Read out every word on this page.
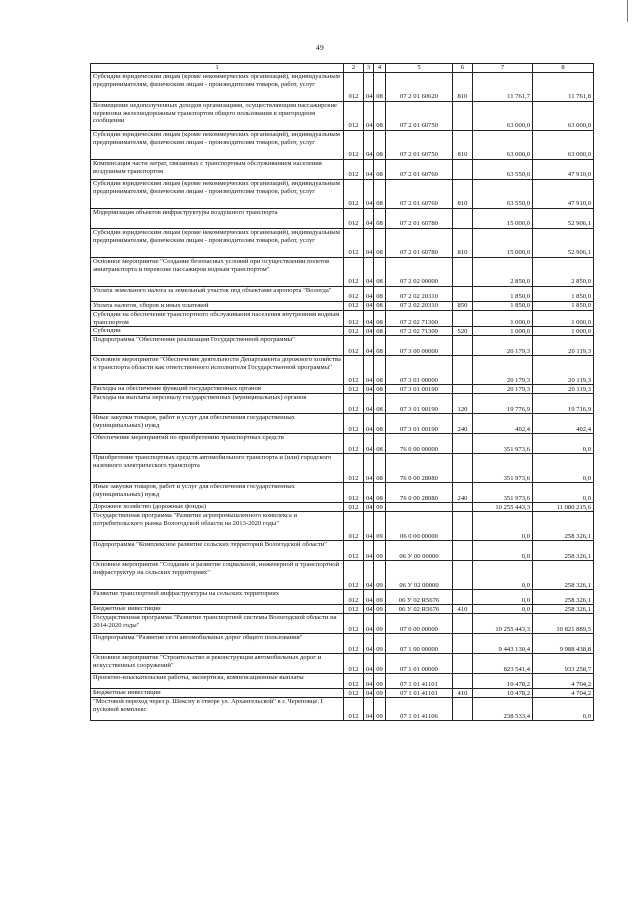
49
1	2	3	4	5	6	7	8
Субсидии юридическим лицам (кроме некоммерческих организаций), индивидуальным предпринимателям, физическим лицам - производителям товаров, работ, услуг	012	04	08	07 2 01 60620	810	11 761,7	11 761,8
Возмещение недополученных доходов организациям, осуществляющим пассажирские перевозки железнодорожным транспортом общего пользования в пригородном сообщении	012	04	08	07 2 01 60750		63 000,0	63 000,0
Субсидии юридическим лицам (кроме некоммерческих организаций), индивидуальным предпринимателям, физическим лицам - производителям товаров, работ, услуг	012	04	08	07 2 01 60750	810	63 000,0	63 000,0
Компенсация части затрат, связанных с транспортным обслуживанием населения воздушным транспортом	012	04	08	07 2 01 60760		63 550,0	47 910,0
Субсидии юридическим лицам (кроме некоммерческих организаций), индивидуальным предпринимателям, физическим лицам - производителям товаров, работ, услуг	012	04	08	07 2 01 60760	810	63 550,0	47 910,0
Модернизация объектов инфраструктуры воздушного транспорта	012	04	08	07 2 01 60780		15 000,0	52 906,1
Субсидии юридическим лицам (кроме некоммерческих организаций), индивидуальным предпринимателям, физическим лицам - производителям товаров, работ, услуг	012	04	08	07 2 01 60780	810	15 000,0	52 906,1
Основное мероприятие "Создание безопасных условий при осуществлении полетов авиатранспорта и перевозке пассажиров водным транспортом"	012	04	08	07 2 02 00000		2 850,0	2 850,0
Уплата земельного налога за земельный участок под объектами аэропорта "Вологда"	012	04	08	07 2 02 20310		1 850,0	1 850,0
Уплата налогов, сборов и иных платежей	012	04	08	07 2 02 20310	850	1 850,0	1 850,0
Субсидии на обеспечение транспортного обслуживания населения внутренним водным транспортом	012	04	08	07 2 02 71300		1 000,0	1 000,0
Субсидии	012	04	08	07 2 02 71300	520	1 000,0	1 000,0
Подпрограмма "Обеспечение реализации Государственной программы"	012	04	08	07 3 00 00000		20 179,3	20 119,3
Основное мероприятие "Обеспечение деятельности Департамента дорожного хозяйства и транспорта области как ответственного исполнителя Государственной программы"	012	04	08	07 3 01 00000		20 179,3	20 119,3
Расходы на обеспечение функций государственных органов	012	04	08	07 3 01 00190		20 179,3	20 119,3
Расходы на выплаты персоналу государственных (муниципальных) органов	012	04	08	07 3 01 00190	120	19 776,9	19 716,9
Иные закупки товаров, работ и услуг для обеспечения государственных (муниципальных) нужд	012	04	08	07 3 01 00190	240	402,4	402,4
Обеспечение мероприятий по приобретению транспортных средств	012	04	08	76 0 00 00000		351 973,6	0,0
Приобретение транспортных средств автомобильного транспорта и (или) городского наземного электрического транспорта	012	04	08	76 0 00 28080		351 973,6	0,0
Иные закупки товаров, работ и услуг для обеспечения государственных (муниципальных) нужд	012	04	08	76 0 00 28080	240	351 973,6	0,0
Дорожное хозяйство (дорожные фонды)	012	04	09			10 255 443,3	11 080 215,6
Государственная программа "Развитие агропромышленного комплекса и потребительского рынка Вологодской области на 2013-2020 годы"	012	04	09	06 0 00 00000		0,0	258 326,1
Подпрограмма "Комплексное развитие сельских территорий Вологодской области"	012	04	09	06 У 00 00000		0,0	258 326,1
Основное мероприятие "Создание и развитие социальной, инженерной и транспортной инфраструктур на сельских территориях"	012	04	09	06 У 02 00000		0,0	258 326,1
Развитие транспортной инфраструктуры на сельских территориях	012	04	09	06 У 02 R5676		0,0	258 326,1
Бюджетные инвестиции	012	04	09	06 У 02 R5676	410	0,0	258 326,1
Государственная программа "Развитие транспортной системы Вологодской области на 2014-2020 годы"	012	04	09	07 0 00 00000		10 255 443,3	10 821 889,5
Подпрограмма "Развитие сети автомобильных дорог общего пользования"	012	04	09	07 1 00 00000		9 443 130,4	9 988 438,8
Основное мероприятие "Строительство и реконструкция автомобильных дорог и искусственных сооружений"	012	04	09	07 1 01 00000		823 541,4	933 258,7
Проектно-изыскательские работы, экспертизы, компенсационные выплаты	012	04	09	07 1 01 41101		10 478,2	4 704,2
Бюджетные инвестиции	012	04	09	07 1 01 41101	410	10 478,2	4 704,2
"Мостовой переход через р. Шексну в створе ул. Архангельской" в г. Череповце. I пусковой комплекс	012	04	09	07 1 01 41106		238 533,4	0,0
